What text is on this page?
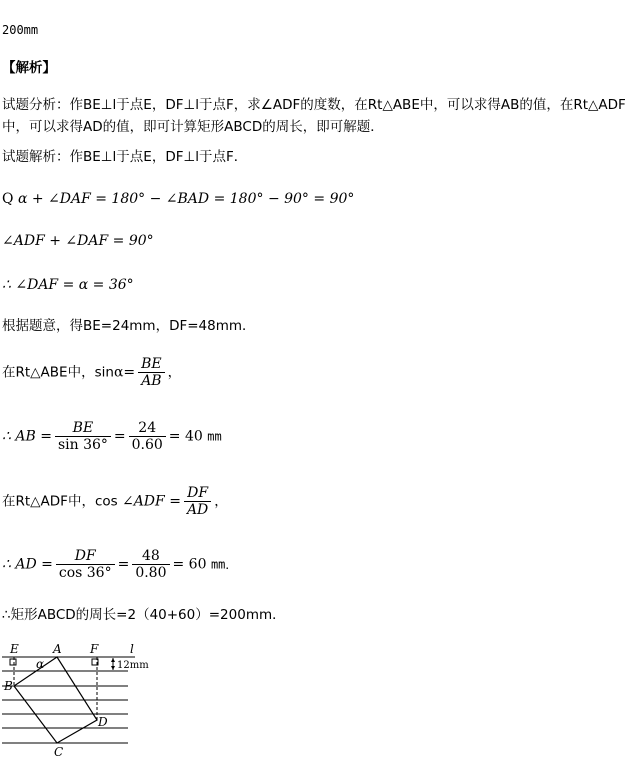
200mm
【解析】
试题分析：作BE⊥l于点E，DF⊥l于点F，求∠ADF的度数，在Rt△ABE中，可以求得AB的值，在Rt△ADF中，可以求得AD的值，即可计算矩形ABCD的周长，即可解题．
试题解析：作BE⊥l于点E，DF⊥l于点F．
Q α + ∠DAF = 180° − ∠BAD = 180° − 90° = 90°
∠ADF + ∠DAF = 90°
∴ ∠DAF = α = 36°
根据题意，得BE=24mm，DF=48mm．
在Rt△ABE中，$\sin\alpha= \frac{BE}{AB}$ ，
∴ AB = $\frac{BE}{\sin 36^\circ} = \frac{24}{0.60} = 40$ mm
在Rt△ADF中，cos ∠ADF = $\frac{DF}{AD}$ ，
∴ AD = $\frac{DF}{\cos 36^\circ} = \frac{48}{0.80} = 60$ mm．
∴矩形ABCD的周长=2（40+60）=200mm．
E	A F	l
α
B
D
C
12mm
